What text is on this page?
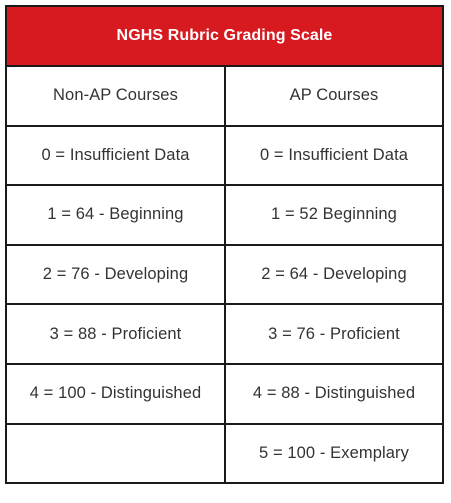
NGHS Rubric Grading Scale	
Non-AP Courses	AP Courses
0 = Insufficient Data	0 = Insufficient Data
1 = 64 - Beginning	1 = 52 Beginning
2 = 76 - Developing	2 = 64 - Developing
3 = 88 - Proficient	3 = 76 - Proficient
4 = 100 - Distinguished	4 = 88 - Distinguished
	5 = 100 - Exemplary
